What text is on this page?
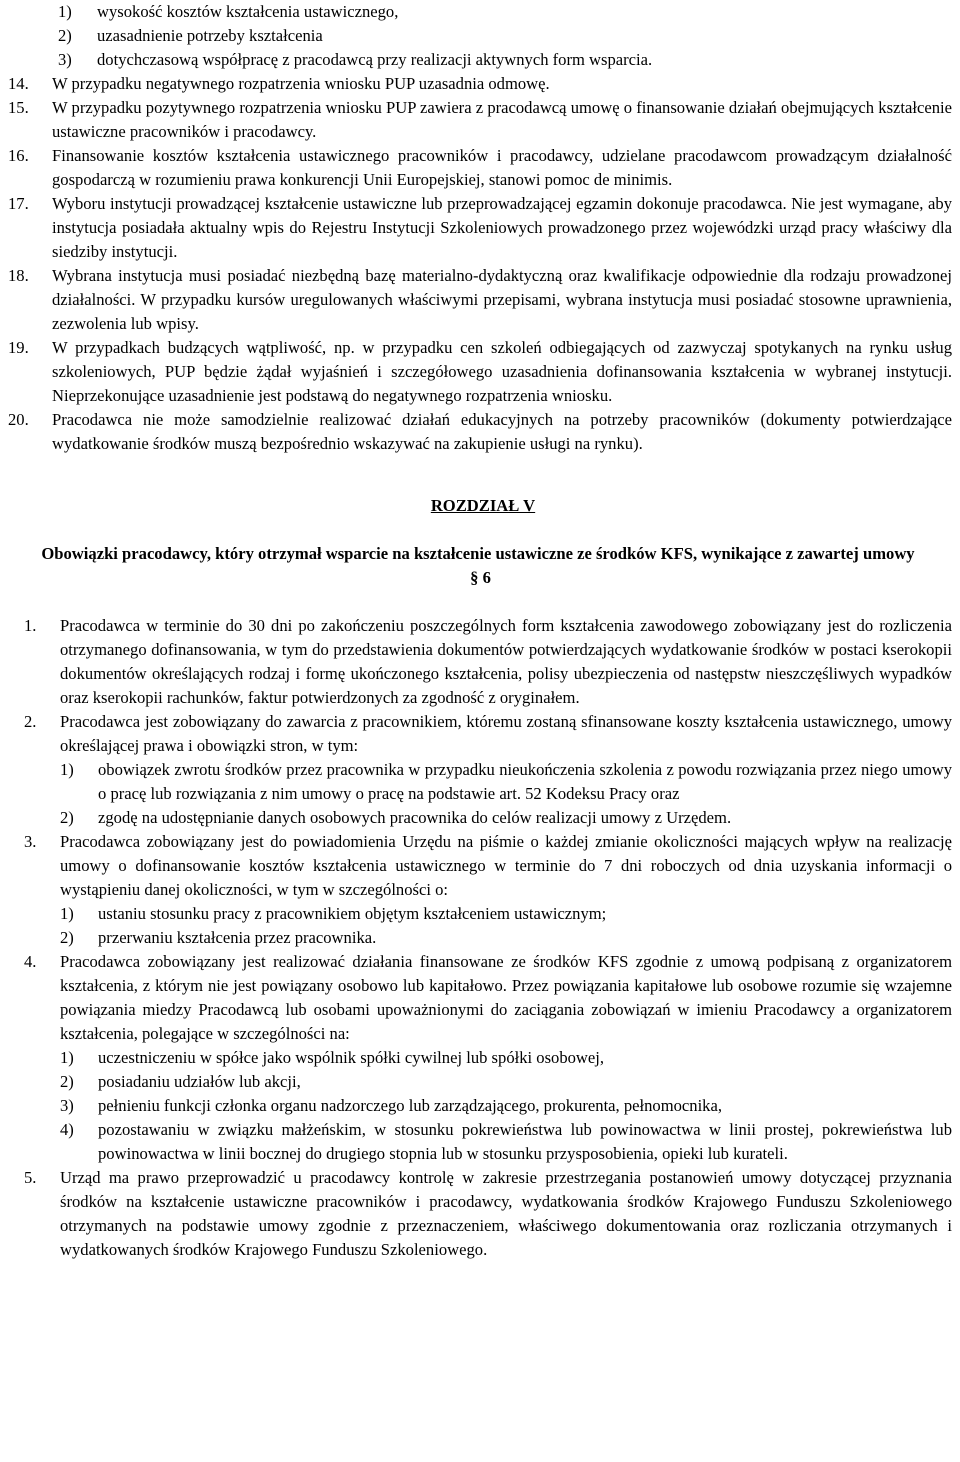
1)	wysokość kosztów kształcenia ustawicznego,
2)	uzasadnienie potrzeby kształcenia
3)	dotychczasową współpracę z pracodawcą przy realizacji aktywnych form wsparcia.
14.	W przypadku negatywnego rozpatrzenia wniosku PUP uzasadnia odmowę.
15.	W przypadku pozytywnego rozpatrzenia wniosku PUP zawiera z pracodawcą umowę o finansowanie działań obejmujących kształcenie ustawiczne pracowników i pracodawcy.
16.	Finansowanie kosztów kształcenia ustawicznego pracowników i pracodawcy, udzielane pracodawcom prowadzącym działalność gospodarczą w rozumieniu prawa konkurencji Unii Europejskiej, stanowi pomoc de minimis.
17.	Wyboru instytucji prowadzącej kształcenie ustawiczne lub przeprowadzającej egzamin dokonuje pracodawca. Nie jest wymagane, aby instytucja posiadała aktualny wpis do Rejestru Instytucji Szkoleniowych prowadzonego przez wojewódzki urząd pracy właściwy dla siedziby instytucji.
18.	Wybrana instytucja musi posiadać niezbędną bazę materialno-dydaktyczną oraz kwalifikacje odpowiednie dla rodzaju prowadzonej działalności. W przypadku kursów uregulowanych właściwymi przepisami, wybrana instytucja musi posiadać stosowne uprawnienia, zezwolenia lub wpisy.
19.	W przypadkach budzących wątpliwość, np. w przypadku cen szkoleń odbiegających od zazwyczaj spotykanych na rynku usług szkoleniowych, PUP będzie żądał wyjaśnień i szczegółowego uzasadnienia dofinansowania kształcenia w wybranej instytucji. Nieprzekonujące uzasadnienie jest podstawą do negatywnego rozpatrzenia wniosku.
20.	Pracodawca nie może samodzielnie realizować działań edukacyjnych na potrzeby pracowników (dokumenty potwierdzające wydatkowanie środków muszą bezpośrednio wskazywać na zakupienie usługi na rynku).
ROZDZIAŁ V
Obowiązki pracodawcy, który otrzymał wsparcie na kształcenie ustawiczne ze środków KFS, wynikające z zawartej umowy
§ 6
1.	Pracodawca w terminie do 30 dni po zakończeniu poszczególnych form kształcenia zawodowego zobowiązany jest do rozliczenia otrzymanego dofinansowania, w tym do przedstawienia dokumentów potwierdzających wydatkowanie środków w postaci kserokopii dokumentów określających rodzaj i formę ukończonego kształcenia, polisy ubezpieczenia od następstw nieszczęśliwych wypadków oraz kserokopii rachunków, faktur potwierdzonych za zgodność z oryginałem.
2.	Pracodawca jest zobowiązany do zawarcia z pracownikiem, któremu zostaną sfinansowane koszty kształcenia ustawicznego, umowy określającej prawa i obowiązki stron, w tym:
1)	obowiązek zwrotu środków przez pracownika w przypadku nieukończenia szkolenia z powodu rozwiązania przez niego umowy o pracę lub rozwiązania z nim umowy o pracę na podstawie art. 52 Kodeksu Pracy oraz
2)	zgodę na udostępnianie danych osobowych pracownika do celów realizacji umowy z Urzędem.
3.	Pracodawca zobowiązany jest do powiadomienia Urzędu na piśmie o każdej zmianie okoliczności mających wpływ na realizację umowy o dofinansowanie kosztów kształcenia ustawicznego w terminie do 7 dni roboczych od dnia uzyskania informacji o wystąpieniu danej okoliczności, w tym w szczególności o:
1)	ustaniu stosunku pracy z pracownikiem objętym kształceniem ustawicznym;
2)	przerwaniu kształcenia przez pracownika.
4.	Pracodawca zobowiązany jest realizować działania finansowane ze środków KFS zgodnie z umową podpisaną z organizatorem kształcenia, z którym nie jest powiązany osobowo lub kapitałowo. Przez powiązania kapitałowe lub osobowe rozumie się wzajemne powiązania miedzy Pracodawcą lub osobami upoważnionymi do zaciągania zobowiązań w imieniu Pracodawcy a organizatorem kształcenia, polegające w szczególności na:
1)	uczestniczeniu w spółce jako wspólnik spółki cywilnej lub spółki osobowej,
2)	posiadaniu udziałów lub akcji,
3)	pełnieniu funkcji członka organu nadzorczego lub zarządzającego, prokurenta, pełnomocnika,
4)	pozostawaniu w związku małżeńskim, w stosunku pokrewieństwa lub powinowactwa w linii prostej, pokrewieństwa lub powinowactwa w linii bocznej do drugiego stopnia lub w stosunku przysposobienia, opieki lub kurateli.
5.	Urząd ma prawo przeprowadzić u pracodawcy kontrolę w zakresie przestrzegania postanowień umowy dotyczącej przyznania środków na kształcenie ustawiczne pracowników i pracodawcy, wydatkowania środków Krajowego Funduszu Szkoleniowego otrzymanych na podstawie umowy zgodnie z przeznaczeniem, właściwego dokumentowania oraz rozliczania otrzymanych i wydatkowanych środków Krajowego Funduszu Szkoleniowego.
